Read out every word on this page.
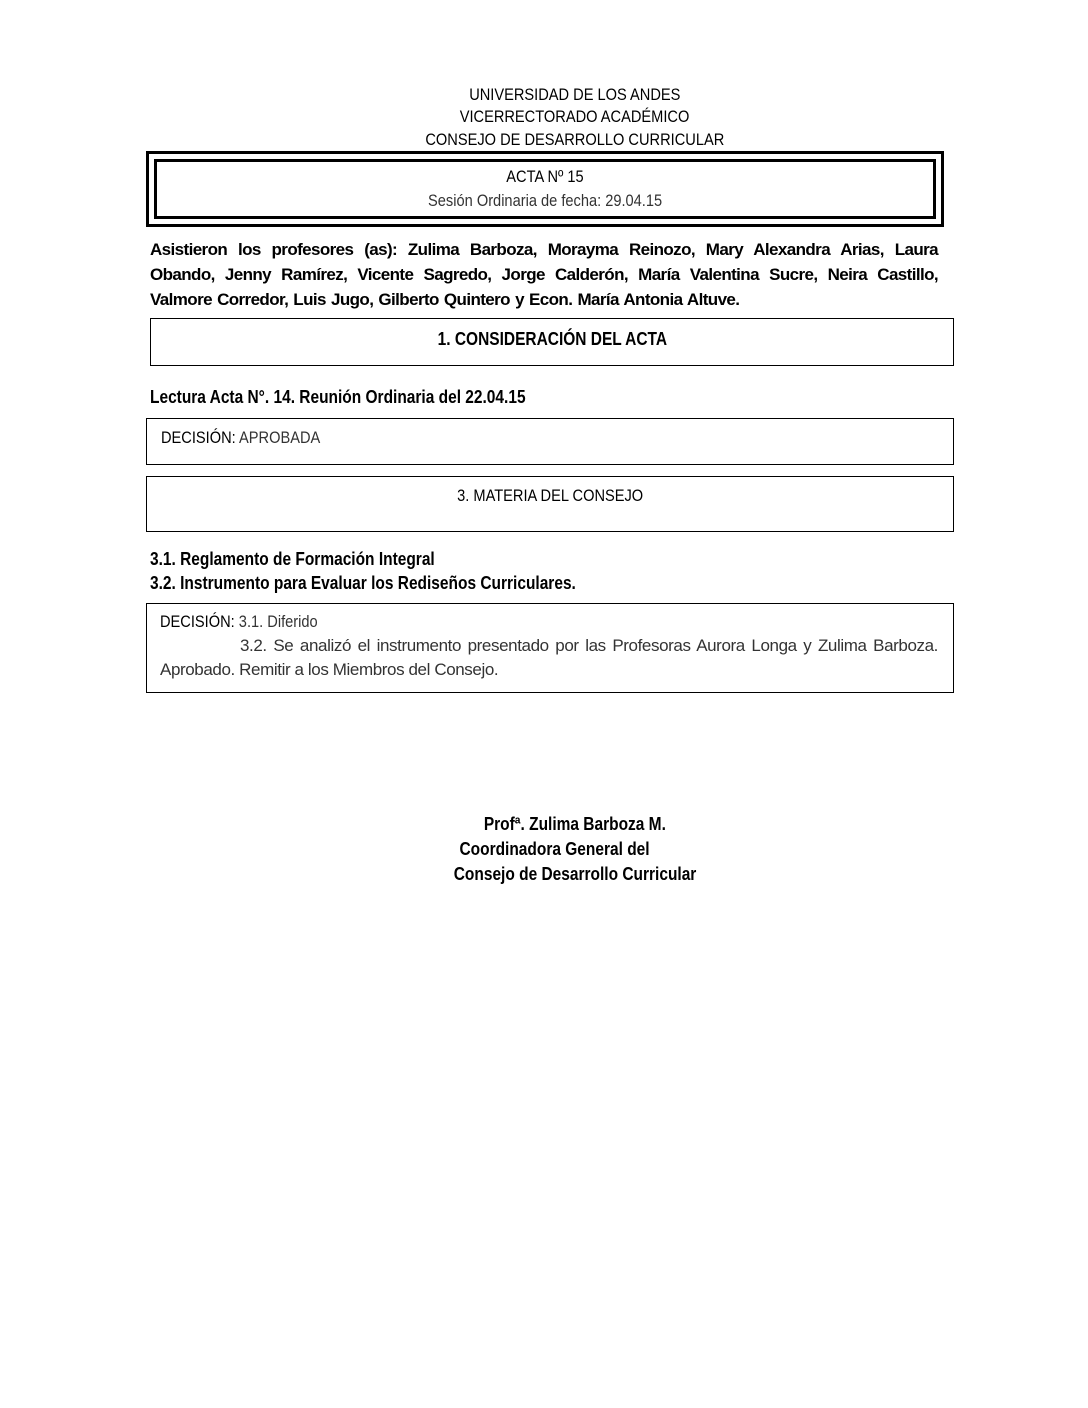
UNIVERSIDAD DE LOS ANDES
VICERRECTORADO ACADÉMICO
CONSEJO DE DESARROLLO CURRICULAR
ACTA Nº 15
Sesión Ordinaria de fecha: 29.04.15
Asistieron los profesores (as): Zulima Barboza, Morayma Reinozo, Mary Alexandra Arias, Laura Obando, Jenny Ramírez, Vicente Sagredo, Jorge Calderón, María Valentina Sucre, Neira Castillo, Valmore Corredor, Luis Jugo, Gilberto Quintero y Econ. María Antonia Altuve.
1. CONSIDERACIÓN DEL ACTA
Lectura Acta N°. 14. Reunión Ordinaria del 22.04.15
DECISIÓN: APROBADA
3. MATERIA DEL CONSEJO
3.1. Reglamento de Formación Integral
3.2. Instrumento para Evaluar los Rediseños Curriculares.
DECISIÓN: 3.1. Diferido
3.2. Se analizó el instrumento presentado por las Profesoras Aurora Longa y Zulima Barboza. Aprobado. Remitir a los Miembros del Consejo.
Profª. Zulima Barboza M.
Coordinadora General del
Consejo de Desarrollo Curricular
